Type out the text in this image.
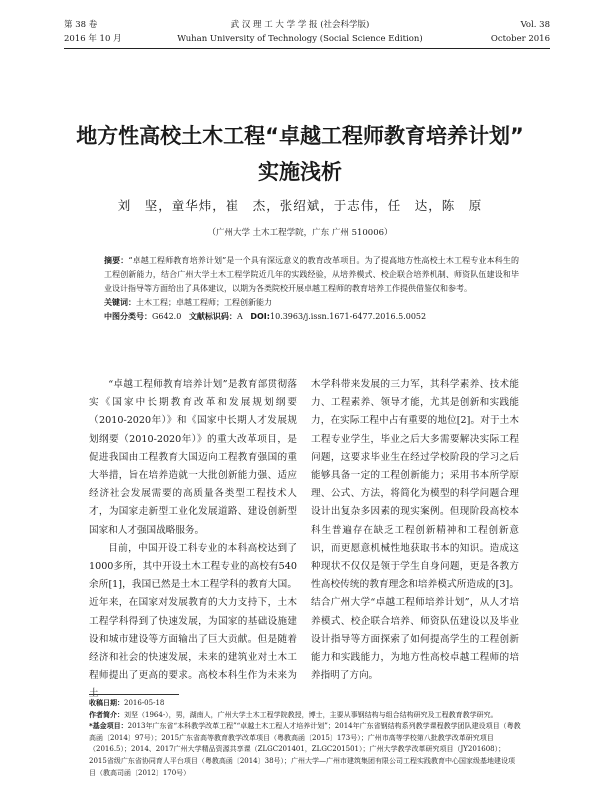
第 38 卷
2016 年 10 月
武 汉 理 工 大 学 学 报 (社会科学版)
Wuhan University of Technology (Social Science Edition)
Vol. 38
October 2016
地方性高校土木工程“卓越工程师教育培养计划”
实施浅析
刘　坚，童华炜，崔　杰，张绍斌，于志伟，任　达，陈　原
（广州大学 土木工程学院，广东 广州 510006）

摘要：“卓越工程师教育培养计划”是一个具有深远意义的教育改革项目。为了提高地方性高校土木工程专业本科生的工程创新能力，结合广州大学土木工程学院近几年的实践经验，从培养模式、校企联合培养机制、师资队伍建设和毕业设计指导等方面给出了具体建议，以期为各类院校开展卓越工程师的教育培养工作提供借鉴仅和参考。

关键词：土木工程；卓越工程师；工程创新能力

中图分类号：G642.0 文献标识码：A DOI:10.3963/j.issn.1671-6477.2016.5.0052

“卓越工程师教育培养计划”是教育部贯彻落实《国家中长期教育改革和发展规划纲要（2010-2020年）》和《国家中长期人才发展规划纲要（2010-2020年）》的重大改革项目，是促进我国由工程教育大国迈向工程教育强国的重大举措，旨在培养造就一大批创新能力强、适应经济社会发展需要的高质量各类型工程技术人才，为国家走新型工业化发展道路、建设创新型国家和人才强国战略服务。

目前，中国开设工科专业的本科高校达到了1000多所，其中开设土木工程专业的高校有540余所[1]，我国已然是土木工程学科的教育大国。近年来，在国家对发展教育的大力支持下，土木工程学科得到了快速发展，为国家的基础设施建设和城市建设等方面输出了巨大贡献。但是随着经济和社会的快速发展，未来的建筑业对土木工程师提出了更高的要求。高校本科生作为未来为土

木学科带来发展的三力军，其科学素养、技术能力、工程素养、领导才能，尤其是创新和实践能力，在实际工程中占有重要的地位[2]。对于土木工程专业学生，毕业之后大多需要解决实际工程问题，这要求毕业生在经过学校阶段的学习之后能够具备一定的工程创新能力；采用书本所学原理、公式、方法，将简化为模型的科学问题合理设计出复杂多因素的现实案例。但现阶段高校本科生普遍存在缺乏工程创新精神和工程创新意识，而更愿意机械性地获取书本的知识。造成这种现状不仅仅是领于学生自身问题，更是各教方性高校传统的教育理念和培养模式所造成的[3]。结合广州大学“卓越工程师培养计划”，从人才培养模式、校企联合培养、师资队伍建设以及毕业设计指导等方面探索了如何提高学生的工程创新能力和实践能力，为地方性高校卓越工程师的培养指明了方向。

收稿日期：2016-05-18

作者简介：刘坚（1964-），男，湖南人，广州大学土木工程学院教授，博士，主要从事钢结构与组合结构研究及工程教育教学研究。

*基金项目：2013年广东省“本科教学改革工程”“卓越土木工程人才培养计划”；2014年广东省钢结构系列教学课程教学团队建设项目（粤教高函〔2014〕97号）；2015广东省高等教育教学改革项目（粤教高函〔2015〕173号）；广州市高等学校第八批教学改革研究项目（2016.5）；2014、2017广州大学精品资源共享课（ZLGC201401，ZLGC201501）；广州大学教学改革研究项目（JY201608）；2015省级广东省协同育人平台项目（粤教高函〔2014〕38号）；广州大学—广州市建筑集团有限公司工程实践教育中心国家级基地建设项目（教高司函〔2012〕170号）
